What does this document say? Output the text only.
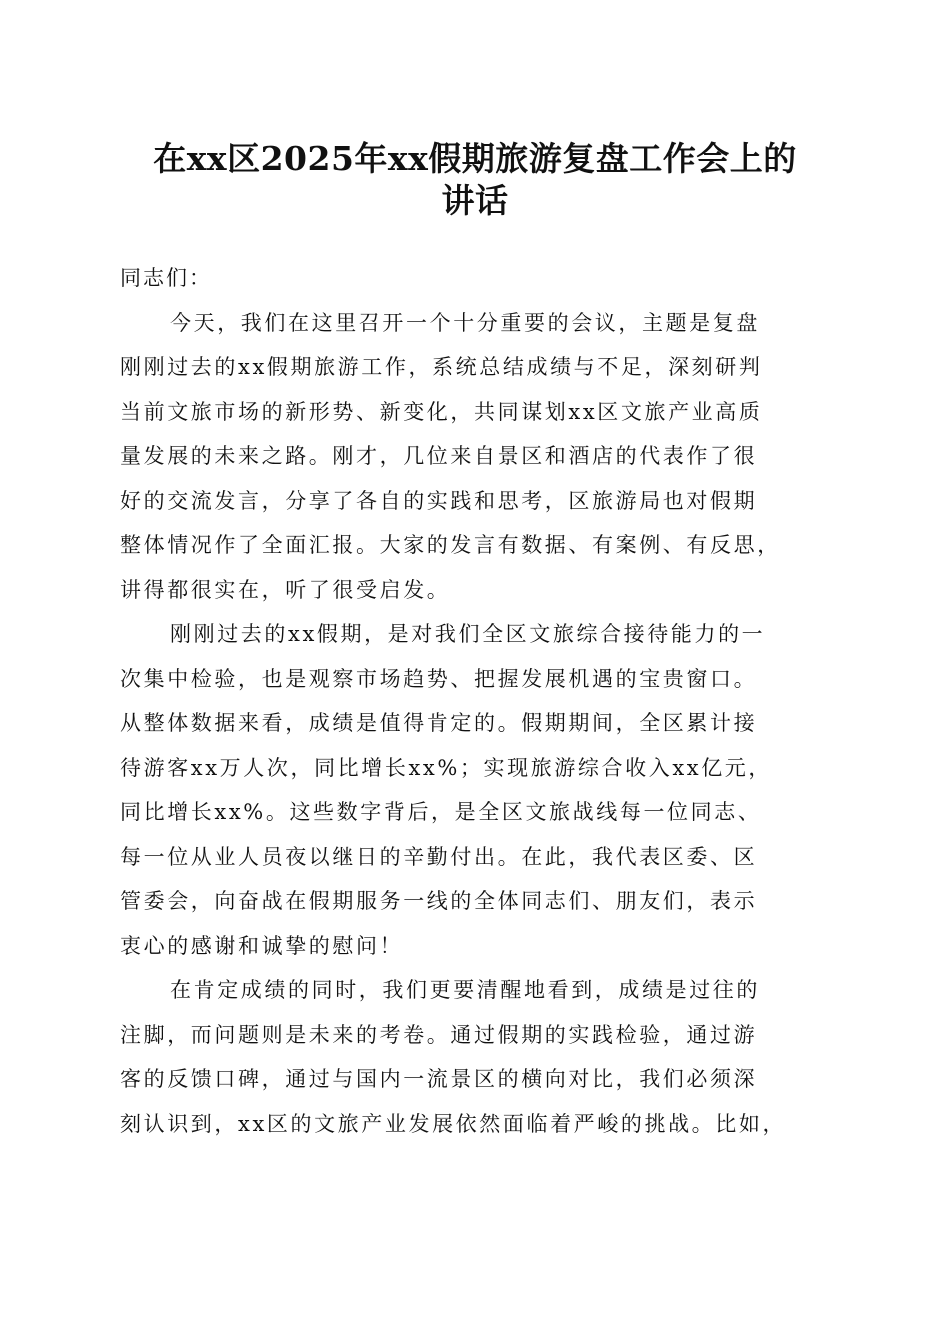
在xx区2025年xx假期旅游复盘工作会上的
讲话
同志们：
今天，我们在这里召开一个十分重要的会议，主题是复盘
刚刚过去的xx假期旅游工作，系统总结成绩与不足，深刻研判
当前文旅市场的新形势、新变化，共同谋划xx区文旅产业高质
量发展的未来之路。刚才，几位来自景区和酒店的代表作了很
好的交流发言，分享了各自的实践和思考，区旅游局也对假期
整体情况作了全面汇报。大家的发言有数据、有案例、有反思，
讲得都很实在，听了很受启发。
刚刚过去的xx假期，是对我们全区文旅综合接待能力的一
次集中检验，也是观察市场趋势、把握发展机遇的宝贵窗口。
从整体数据来看，成绩是值得肯定的。假期期间，全区累计接
待游客xx万人次，同比增长xx%；实现旅游综合收入xx亿元，
同比增长xx%。这些数字背后，是全区文旅战线每一位同志、
每一位从业人员夜以继日的辛勤付出。在此，我代表区委、区
管委会，向奋战在假期服务一线的全体同志们、朋友们，表示
衷心的感谢和诚挚的慰问！
在肯定成绩的同时，我们更要清醒地看到，成绩是过往的
注脚，而问题则是未来的考卷。通过假期的实践检验，通过游
客的反馈口碑，通过与国内一流景区的横向对比，我们必须深
刻认识到，xx区的文旅产业发展依然面临着严峻的挑战。比如，
